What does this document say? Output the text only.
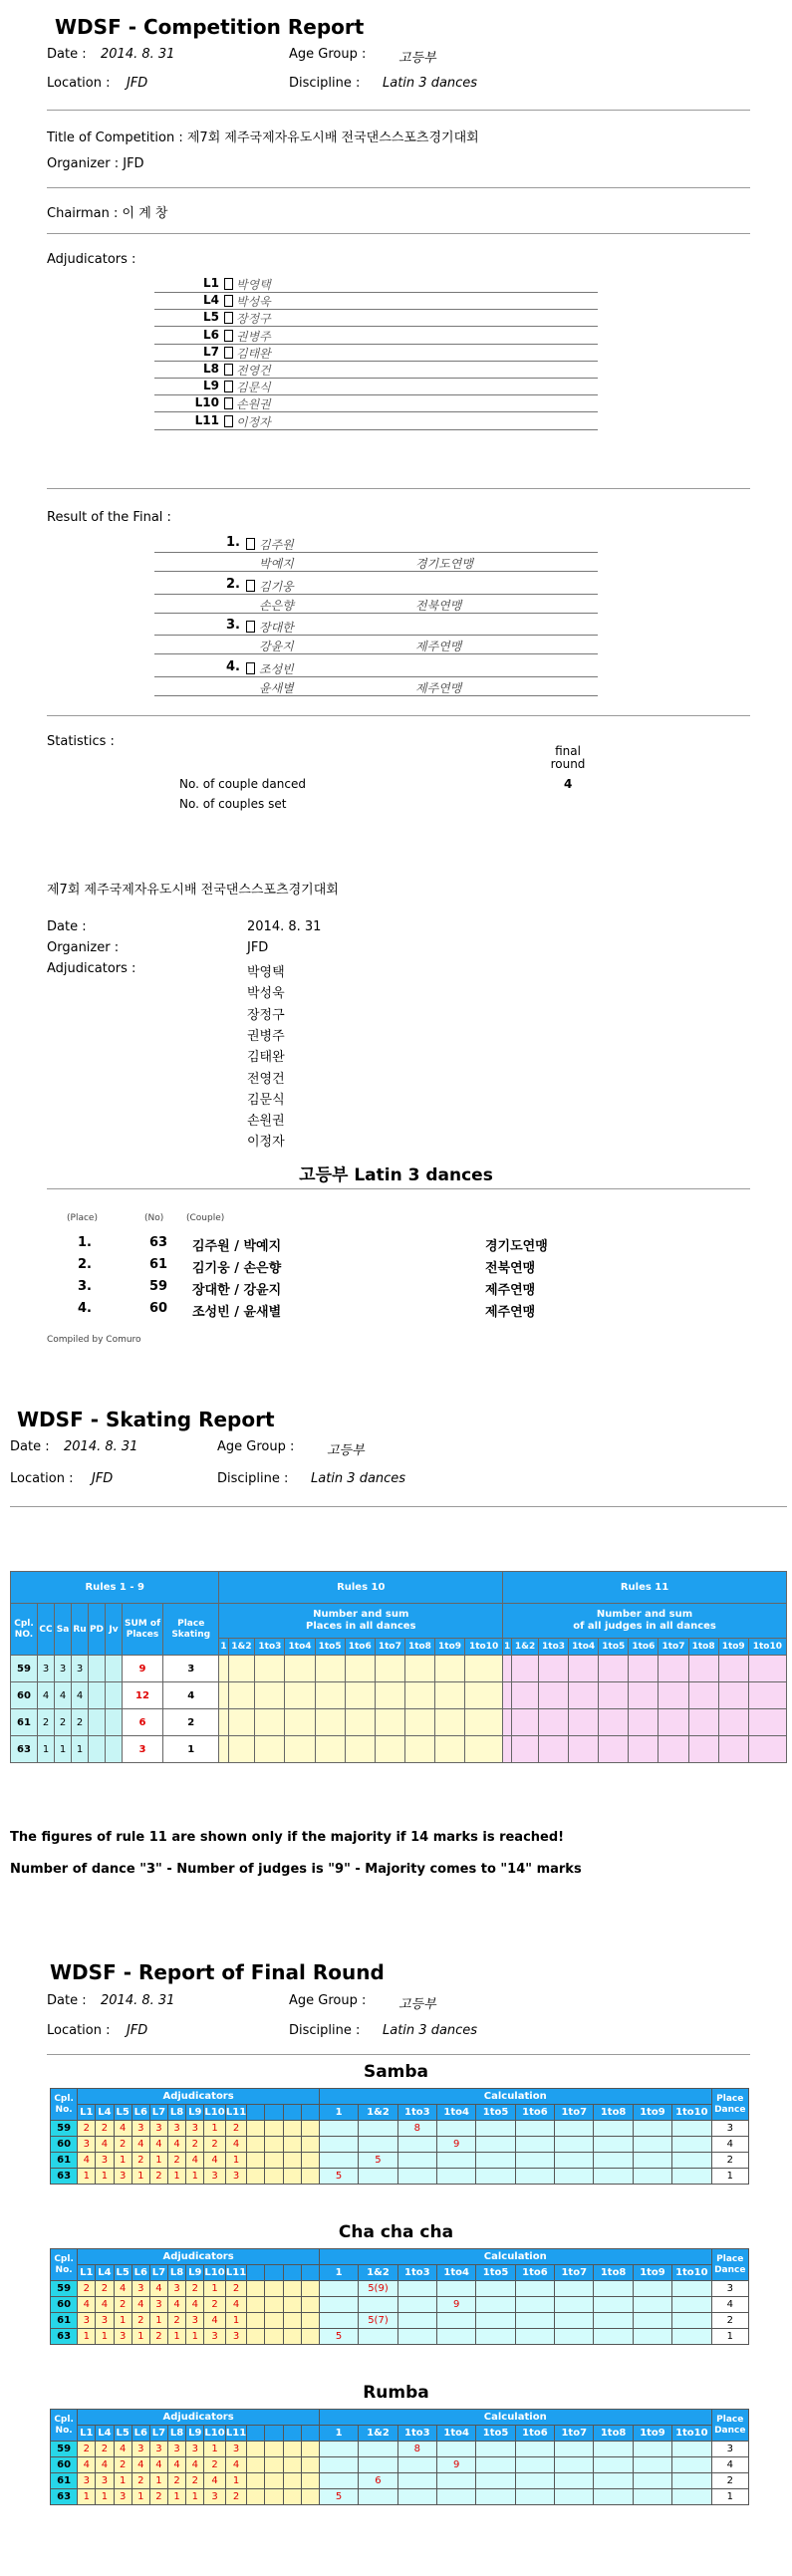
WDSF - Competition Report
Date : 2014. 8. 31	Age Group :	고등부
Location : JFD	Discipline : Latin 3 dances
Title of Competition : 제7회 제주국제자유도시배 전국댄스스포츠경기대회
Organizer : JFD
Chairman : 이 계 창
Adjudicators :
L1 박영택
L4 박성욱
L5 장정구
L6 권병주
L7 김태완
L8 전영건
L9 김문식
L10 손원권
L11 이정자
Result of the Final :
1. 김주원
박예지	경기도연맹
2. 김기웅
손은향	전북연맹
3. 장대한
강윤지	제주연맹
4. 조성빈
윤새별	제주연맹
Statistics :
final round
No. of couple danced	4
No. of couples set
제7회 제주국제자유도시배 전국댄스스포츠경기대회
Date :	2014. 8. 31
Organizer :	JFD
Adjudicators :	박영택
박성욱
장정구
권병주
김태완
전영건
김문식
손원권
이정자
고등부 Latin 3 dances
(Place)	(No)	(Couple)
1.	63 김주원 / 박예지	경기도연맹
2.	61 김기웅 / 손은향	전북연맹
3.	59 장대한 / 강윤지	제주연맹
4.	60 조성빈 / 윤새별	제주연맹
Compiled by Comuro
WDSF - Skating Report
Date : 2014. 8. 31	Age Group :	고등부
Location : JFD	Discipline : Latin 3 dances
Rules 1 - 9								Rules 10										Rules 11									
Cpl. NO.	CC	Sa	Ru	PD	Jv	SUM of Places	Place Skating	Number and sum
Places in all dances										Number and sum
of all judges in all dances									
								1	1&2	1to3	1to4	1to5	1to6	1to7	1to8	1to9	1to10	1	1&2	1to3	1to4	1to5	1to6	1to7	1to8	1to9	1to10
59	3	3	3			9	3																				
60	4	4	4			12	4																				
61	2	2	2			6	2																				
63	1	1	1			3	1																				
The figures of rule 11 are shown only if the majority if 14 marks is reached!
Number of dance "3" - Number of judges is "9" - Majority comes to "14" marks
WDSF - Report of Final Round
Date : 2014. 8. 31	Age Group :	고등부
Location : JFD	Discipline : Latin 3 dances
Samba
Cpl. No.	Adjudicators													Calculation										Place Dance
	L1	L4	L5	L6	L7	L8	L9	L10	L11					1	1&2	1to3	1to4	1to5	1to6	1to7	1to8	1to9	1to10	
59	2	2	4	3	3	3	3	1	2							8								3
60	3	4	2	4	4	4	2	2	4								9							4
61	4	3	1	2	1	2	4	4	1						5									2
63	1	1	3	1	2	1	1	3	3					5										1
Cha cha cha
Cpl. No.	Adjudicators													Calculation										Place Dance
	L1	L4	L5	L6	L7	L8	L9	L10	L11					1	1&2	1to3	1to4	1to5	1to6	1to7	1to8	1to9	1to10	
59	2	2	4	3	4	3	2	1	2						5(9)									3
60	4	4	2	4	3	4	4	2	4								9							4
61	3	3	1	2	1	2	3	4	1						5(7)									2
63	1	1	3	1	2	1	1	3	3					5										1
Rumba
Cpl. No.	Adjudicators													Calculation										Place Dance
	L1	L4	L5	L6	L7	L8	L9	L10	L11					1	1&2	1to3	1to4	1to5	1to6	1to7	1to8	1to9	1to10	
59	2	2	4	3	3	3	3	1	3							8								3
60	4	4	2	4	4	4	4	2	4								9							4
61	3	3	1	2	1	2	2	4	1						6									2
63	1	1	3	1	2	1	1	3	2					5										1
